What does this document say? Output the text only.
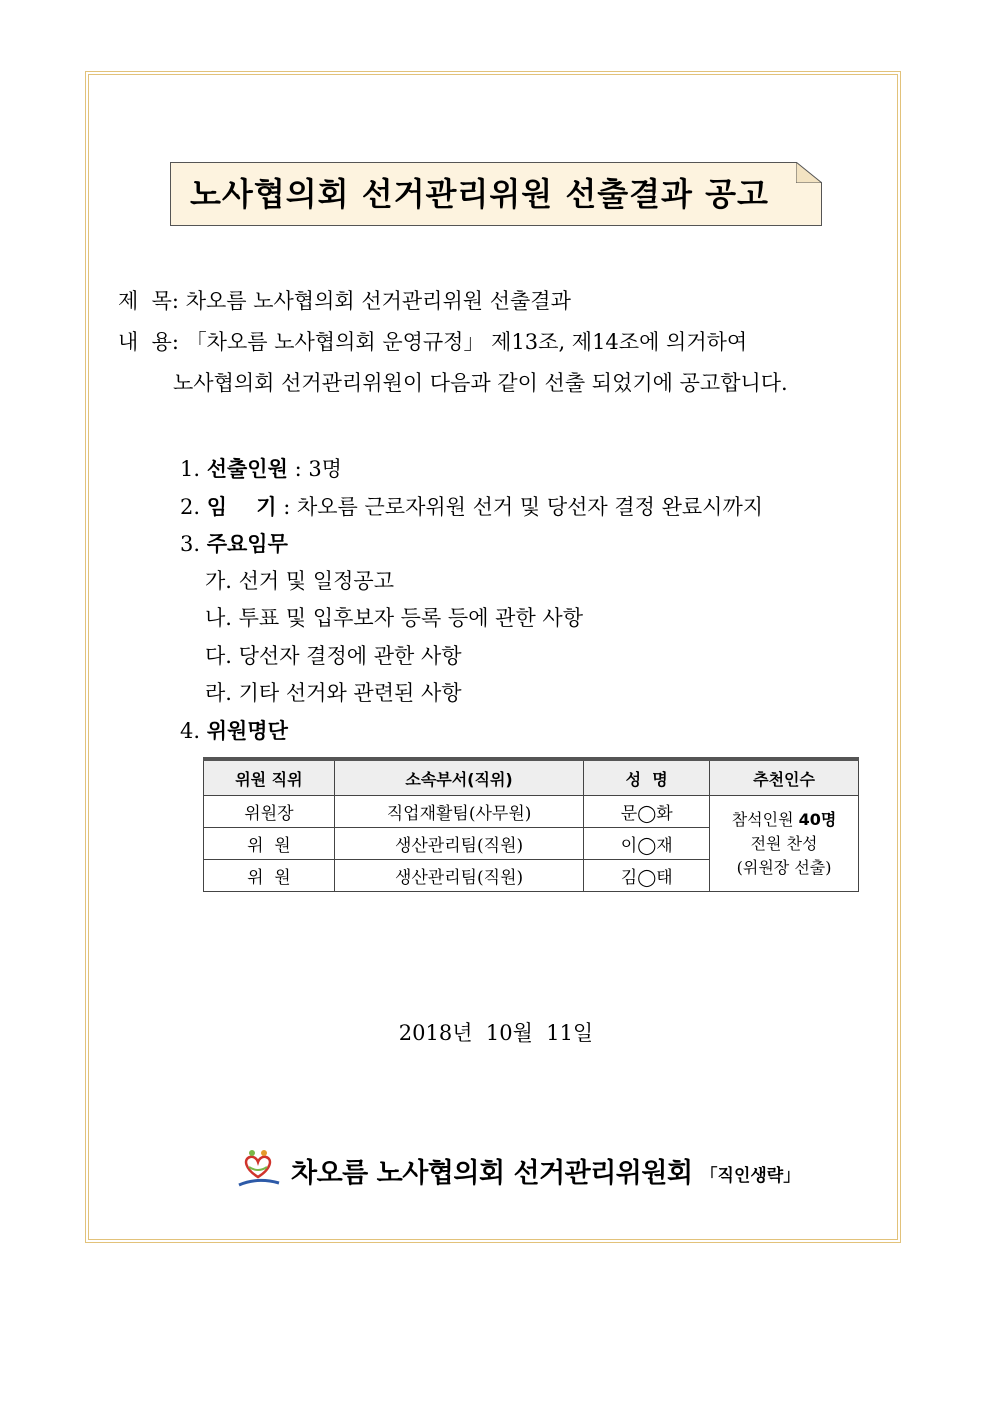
노사협의회 선거관리위원 선출결과 공고
제  목: 차오름 노사협의회 선거관리위원 선출결과
내  용: 「차오름 노사협의회 운영규정」 제13조, 제14조에 의거하여
노사협의회 선거관리위원이 다음과 같이 선출 되었기에 공고합니다.
1. 선출인원 : 3명
2. 임    기 : 차오름 근로자위원 선거 및 당선자 결정 완료시까지
3. 주요임무
가. 선거 및 일정공고
나. 투표 및 입후보자 등록 등에 관한 사항
다. 당선자 결정에 관한 사항
라. 기타 선거와 관련된 사항
4. 위원명단
위원 직위	소속부서(직위)	성  명	추천인수
위원장	직업재활팀(사무원)	문◯화	참석인원 40명
전원 찬성
(위원장 선출)
위  원	생산관리팀(직원)	이◯재	
위  원	생산관리팀(직원)	김◯태	
2018년  10월  11일
차오름 노사협의회 선거관리위원회 「직인생략」
